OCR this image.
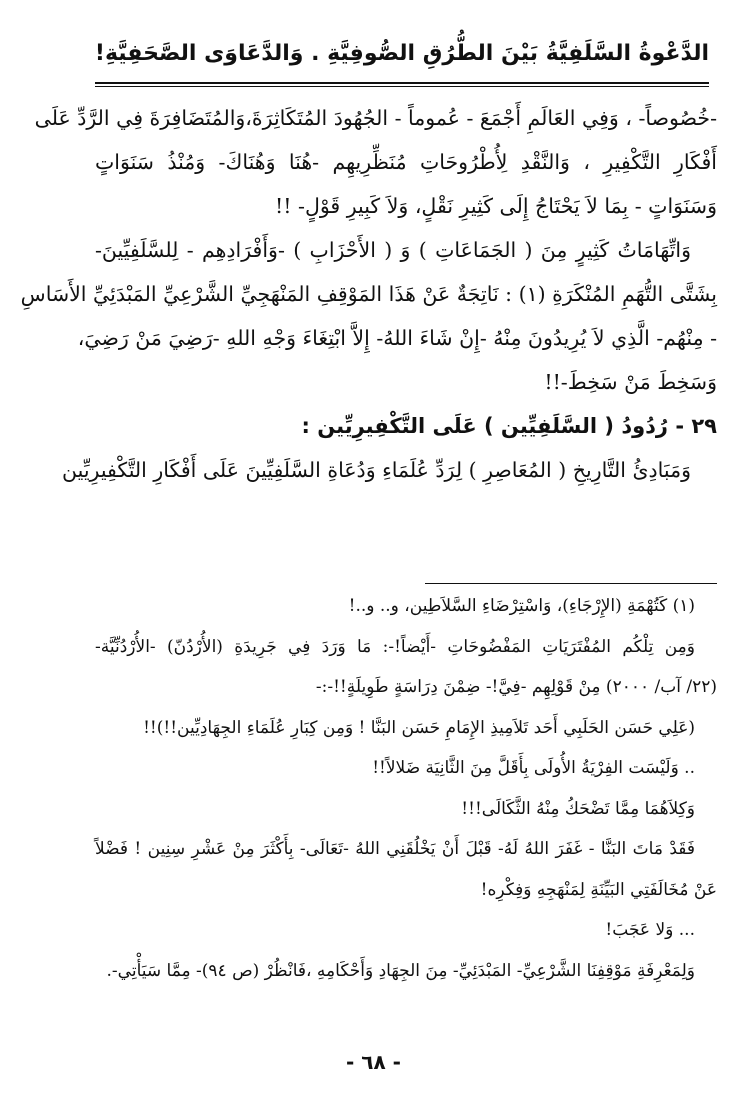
الدَّعْوةُ السَّلَفِيَّةُ بَيْنَ الطُّرُقِ الصُّوفِيَّةِ . وَالدَّعَاوَى الصَّحَفِيَّةِ!
-خُصُوصاً- ، وَفِي العَالَمِ أَجْمَعَ - عُموماً - الجُهُودَ المُتَكَاثِرَةَ،وَالمُتَضَافِرَةَ فِي الرَّدِّ عَلَى
أَفْكَارِ التَّكْفِيرِ ، وَالنَّقْدِ لِأُطْرُوحَاتِ مُنَظِّرِيهِم -هُنَا وَهُنَاكَ- وَمُنْذُ سَنَوَاتٍ
وَسَنَوَاتٍ - بِمَا لاَ يَحْتَاجُ إِلَى كَثِيرِ نَقْلٍ، وَلاَ كَبِيرِ قَوْلٍ- !!
وَاتِّهَامَاتُ كَثِيرٍ مِنَ ( الجَمَاعَاتِ ) وَ ( الأَحْزَابِ ) -وَأَفْرَادِهِم - لِلسَّلَفِيِّينَ-
بِشَتَّى التُّهَمِ المُنْكَرَةِ (١) : نَاتِجَةٌ عَنْ هَذَا المَوْقِفِ المَنْهَجِيِّ الشَّرْعِيِّ المَبْدَئِيِّ الأَسَاسِ
- مِنْهُم- الَّذِي لاَ يُرِيدُونَ مِنْهُ -إِنْ شَاءَ اللهُ- إِلاَّ ابْتِغَاءَ وَجْهِ اللهِ -رَضِيَ مَنْ رَضِيَ،
وَسَخِطَ مَنْ سَخِطَ-!!
٢٩ - رُدُودُ ( السَّلَفِيِّين ) عَلَى التَّكْفِيرِيِّين :
وَمَبَادِئُ التَّارِيخِ ( المُعَاصِرِ ) لِرَدِّ عُلَمَاءِ وَدُعَاةِ السَّلَفِيِّينَ عَلَى أَفْكَارِ التَّكْفِيرِيِّين
(١) كَتُهْمَةِ (الإِرْجَاءِ)، وَاسْتِرْضَاءِ السَّلاَطِين، و.. و..!
وَمِن تِلْكُم المُفْتَرَيَاتِ المَفْضُوحَاتِ -أَيْضاً!-: مَا وَرَدَ فِي جَرِيدَةِ (الأُرْدُنّ) -الأُرْدُنِّيَّة-
(٢٢/ آب/ ٢٠٠٠) مِنْ قَوْلِهِم -فِيَّ!- ضِمْنَ دِرَاسَةٍ طَوِيلَةٍ!!-:-
(عَلِي حَسَن الحَلَبِي أَحَد تَلاَمِيذِ الإِمَامِ حَسَن البَنَّا ! وَمِن كِبَارِ عُلَمَاءِ الجِهَادِيِّين!!)!!
.. وَلَيْسَت الفِرْيَةُ الأُولَى بِأَقَلَّ مِنَ الثَّانِيَة ضَلالاً!!
وَكِلاَهُمَا مِمَّا تَضْحَكُ مِنْهُ الثَّكَالَى!!!
فَقَدْ مَاتَ البَنَّا - غَفَرَ اللهُ لَهُ- قَبْلَ أَنْ يَخْلُقَنِي اللهُ -تَعَالَى- بِأَكْثَرَ مِنْ عَشْرِ سِنِين ! فَضْلاً
عَنْ مُخَالَفَتِي البَيِّنَةِ لِمَنْهَجِهِ وَفِكْرِه!
... وَلا عَجَبَ!
وَلِمَعْرِفَةِ مَوْقِفِنَا الشَّرْعِيِّ- المَبْدَئِيِّ- مِنَ الجِهَادِ وَأَحْكَامِهِ ،فَانْظُرْ (ص ٩٤)- مِمَّا سَيَأْتِي-.
- ٦٨ -
